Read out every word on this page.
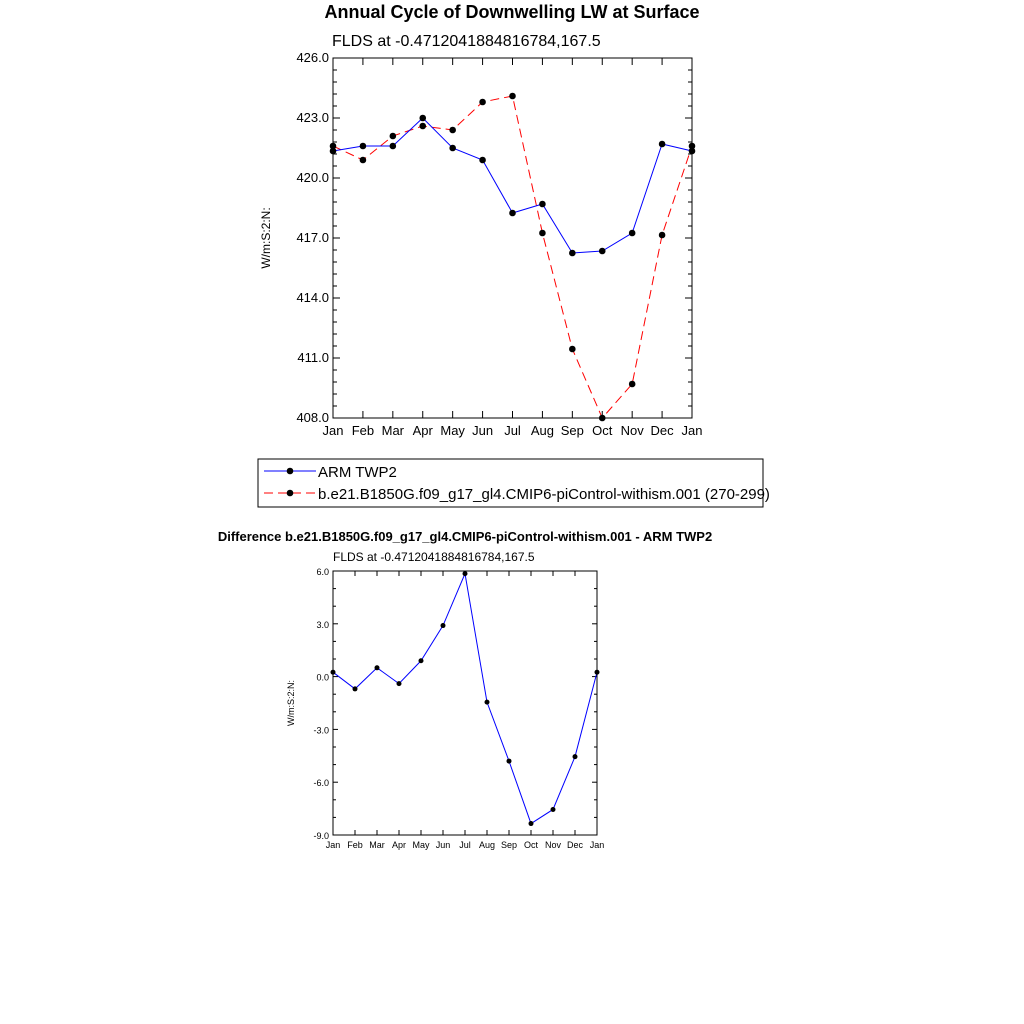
Annual Cycle of Downwelling LW at Surface
FLDS at -0.4712041884816784,167.5
W/m:S:2:N:
Jan Feb Mar Apr May Jun Jul Aug Sep Oct Nov Dec Jan
408.0
411.0
414.0
417.0
420.0
423.0
426.0
ARM TWP2
b.e21.B1850G.f09_g17_gl4.CMIP6-piControl-withism.001 (270-299)
Difference b.e21.B1850G.f09_g17_gl4.CMIP6-piControl-withism.001 - ARM TWP2
FLDS at -0.4712041884816784,167.5
W/m:S:2:N:
Jan Feb Mar Apr May Jun Jul Aug Sep Oct Nov Dec Jan
-9.0
-6.0
-3.0
0.0
3.0
6.0
